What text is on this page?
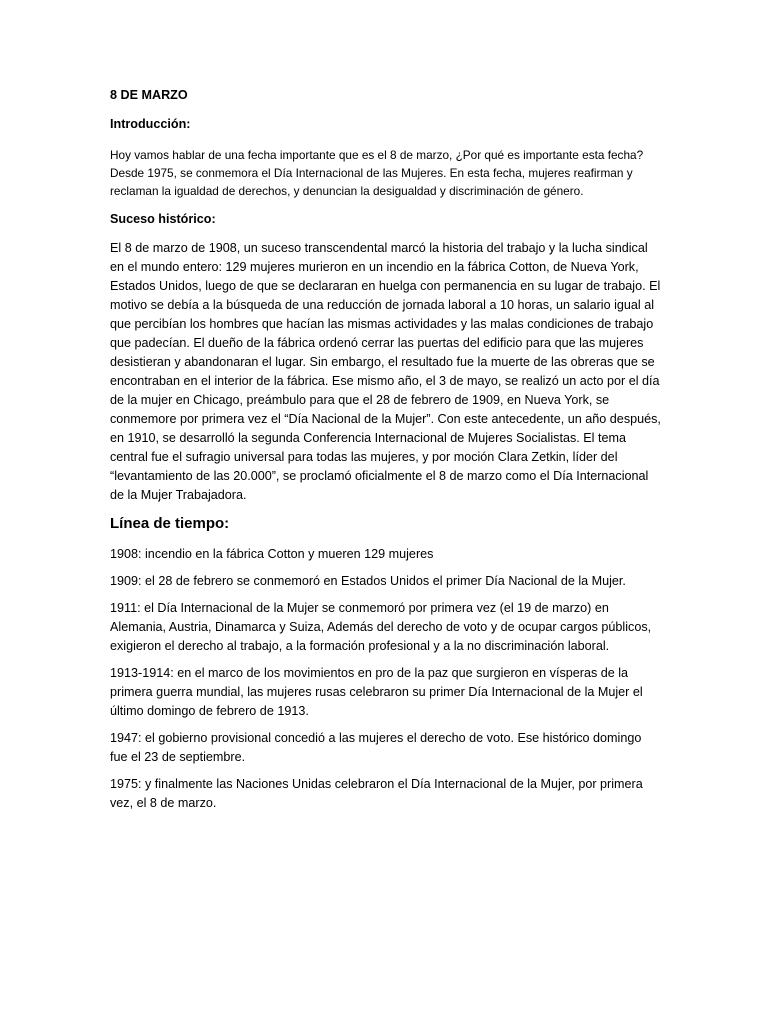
8 DE MARZO

Introducción:

Hoy vamos hablar de una fecha importante que es el 8 de marzo, ¿Por qué es importante esta fecha? Desde 1975, se conmemora el Día Internacional de las Mujeres. En esta fecha, mujeres reafirman y reclaman la igualdad de derechos, y denuncian la desigualdad y discriminación de género.

Suceso histórico:

El 8 de marzo de 1908, un suceso transcendental marcó la historia del trabajo y la lucha sindical en el mundo entero: 129 mujeres murieron en un incendio en la fábrica Cotton, de Nueva York, Estados Unidos, luego de que se declararan en huelga con permanencia en su lugar de trabajo. El motivo se debía a la búsqueda de una reducción de jornada laboral a 10 horas, un salario igual al que percibían los hombres que hacían las mismas actividades y las malas condiciones de trabajo que padecían. El dueño de la fábrica ordenó cerrar las puertas del edificio para que las mujeres desistieran y abandonaran el lugar. Sin embargo, el resultado fue la muerte de las obreras que se encontraban en el interior de la fábrica. Ese mismo año, el 3 de mayo, se realizó un acto por el día de la mujer en Chicago, preámbulo para que el 28 de febrero de 1909, en Nueva York, se conmemore por primera vez el “Día Nacional de la Mujer”. Con este antecedente, un año después, en 1910, se desarrolló la segunda Conferencia Internacional de Mujeres Socialistas. El tema central fue el sufragio universal para todas las mujeres, y por moción Clara Zetkin, líder del “levantamiento de las 20.000”, se proclamó oficialmente el 8 de marzo como el Día Internacional de la Mujer Trabajadora.

Línea de tiempo:

1908: incendio en la fábrica Cotton y mueren 129 mujeres

1909: el 28 de febrero se conmemoró en Estados Unidos el primer Día Nacional de la Mujer.

1911: el Día Internacional de la Mujer se conmemoró por primera vez (el 19 de marzo) en Alemania, Austria, Dinamarca y Suiza, Además del derecho de voto y de ocupar cargos públicos, exigieron el derecho al trabajo, a la formación profesional y a la no discriminación laboral.

1913-1914: en el marco de los movimientos en pro de la paz que surgieron en vísperas de la primera guerra mundial, las mujeres rusas celebraron su primer Día Internacional de la Mujer el último domingo de febrero de 1913.

1947: el gobierno provisional concedió a las mujeres el derecho de voto. Ese histórico domingo fue el 23 de septiembre.

1975: y finalmente las Naciones Unidas celebraron el Día Internacional de la Mujer, por primera vez, el 8 de marzo.
